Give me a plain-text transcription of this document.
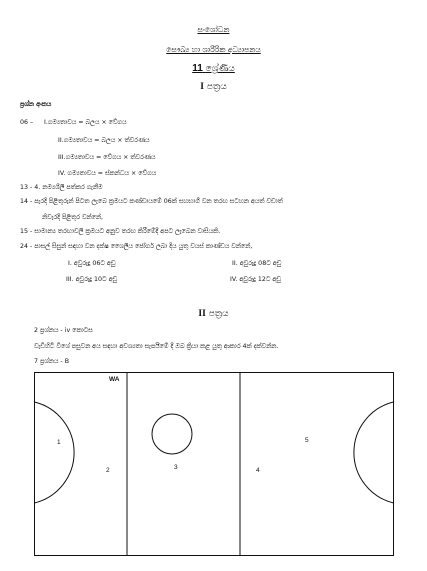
සංශෝධන
සෞඛ්‍ය හා ශාරීරික අධ්‍යාපනය
11 ශ්‍රේණිය
I පත්‍රය
ප්‍රශ්න අංකය
06 – I.ගම්‍යතාවය = බලය × වේගය
II.ගම්‍යතාවය = බලය × ත්වරණය
III.ගම්‍යතාවය = වේගය × ත්වරණය
IV. ගම්‍යතාවය = ස්කන්ධය × වේගය
13 - 4. නම්‍යශීලී පත්කර ගැනීම
14 - පැරදි පිළිතුරුන් පිටත ලැබෙ ක්‍රමයට කණ්ඩායමේ 06ක් සහභාගී වන තරඟ සටහන අයත් වඩාත්
නිවැරදි පිළිතුර වන්නේ,
15 - සාමාන්‍ය තරඟාවලි ක්‍රමයට අනුව තරඟ කිරීමේදී අපට ලැබෙන වාසියකි.
24 - පාසල් සිසුන් සඳහා වන දක්ෂ ශෛලීය ජෝගර් ලබා දිය යුතු වයස් කාණ්ඩය වන්නේ,
I. අවුරුදු 06ට අඩු	II. අවුරුදු 08ට අඩු
III. අවුරුදු 10ට අඩු	IV. අවුරුදු 12ට අඩු
II පත්‍රය
2 ප්‍රශ්නය - iv කොටස
වැඩිහිටි විශේ පසුවන අය සඳහා අවශ්‍යතා සැපයීමේ දී ඔබ ක්‍රියා කළ යුතු ආකාර 4ක් දක්වන්න.
7 ප්‍රශ්නය - B
WA
1
2	3	4
5
